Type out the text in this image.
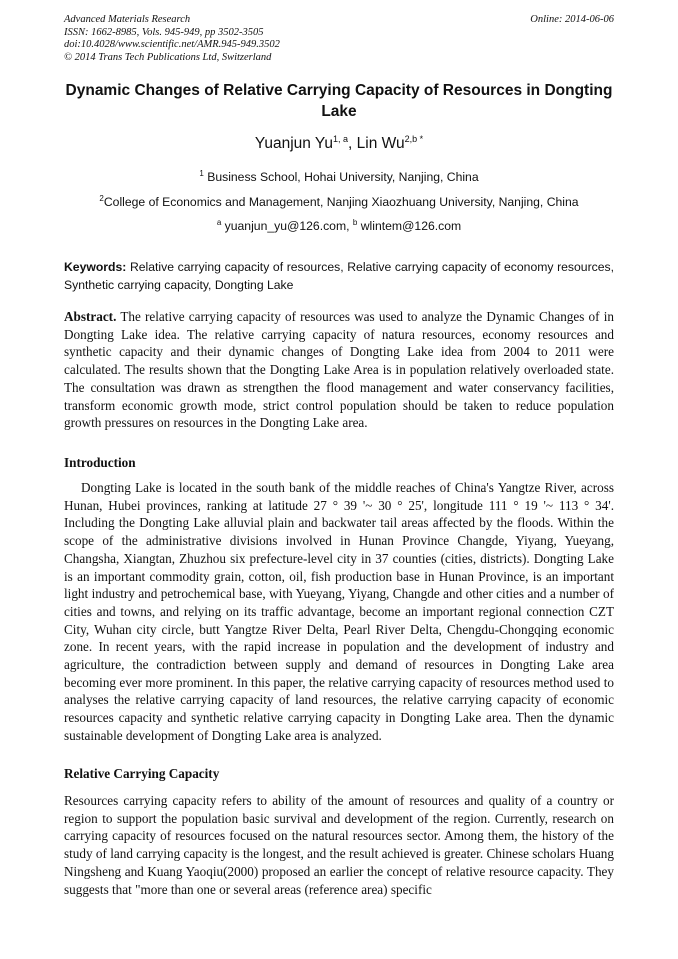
Advanced Materials Research
ISSN: 1662-8985, Vols. 945-949, pp 3502-3505
doi:10.4028/www.scientific.net/AMR.945-949.3502
© 2014 Trans Tech Publications Ltd, Switzerland
Online: 2014-06-06
Dynamic Changes of Relative Carrying Capacity of Resources in Dongting Lake
Yuanjun Yu$^{1, a}$, Lin $Wu^{2,b *}$
$^1$ Business School, Hohai University, Nanjing, China
$^2$College of Economics and Management, Nanjing Xiaozhuang University, Nanjing, China
$^a$ yuanjun_yu@126.com, $^b$ wlintem@126.com
Keywords: Relative carrying capacity of resources, Relative carrying capacity of economy resources, Synthetic carrying capacity, Dongting Lake
Abstract. The relative carrying capacity of resources was used to analyze the Dynamic Changes of in Dongting Lake idea. The relative carrying capacity of natura resources, economy resources and synthetic capacity and their dynamic changes of Dongting Lake idea from 2004 to 2011 were calculated. The results shown that the Dongting Lake Area is in population relatively overloaded state. The consultation was drawn as strengthen the flood management and water conservancy facilities, transform economic growth mode, strict control population should be taken to reduce population growth pressures on resources in the Dongting Lake area.
Introduction
Dongting Lake is located in the south bank of the middle reaches of China's Yangtze River, across Hunan, Hubei provinces, ranking at latitude 27 ° 39 '~ 30 ° 25', longitude 111 ° 19 '~ 113 ° 34'. Including the Dongting Lake alluvial plain and backwater tail areas affected by the floods. Within the scope of the administrative divisions involved in Hunan Province Changde, Yiyang, Yueyang, Changsha, Xiangtan, Zhuzhou six prefecture-level city in 37 counties (cities, districts). Dongting Lake is an important commodity grain, cotton, oil, fish production base in Hunan Province, is an important light industry and petrochemical base, with Yueyang, Yiyang, Changde and other cities and a number of cities and towns, and relying on its traffic advantage, become an important regional connection CZT City, Wuhan city circle, butt Yangtze River Delta, Pearl River Delta, Chengdu-Chongqing economic zone. In recent years, with the rapid increase in population and the development of industry and agriculture, the contradiction between supply and demand of resources in Dongting Lake area becoming ever more prominent. In this paper, the relative carrying capacity of resources method used to analyses the relative carrying capacity of land resources, the relative carrying capacity of economic resources capacity and synthetic relative carrying capacity in Dongting Lake area. Then the dynamic sustainable development of Dongting Lake area is analyzed.
Relative Carrying Capacity
Resources carrying capacity refers to ability of the amount of resources and quality of a country or region to support the population basic survival and development of the region. Currently, research on carrying capacity of resources focused on the natural resources sector. Among them, the history of the study of land carrying capacity is the longest, and the result achieved is greater. Chinese scholars Huang Ningsheng and Kuang Yaoqiu(2000) proposed an earlier the concept of relative resource capacity. They suggests that "more than one or several areas (reference area) specific
